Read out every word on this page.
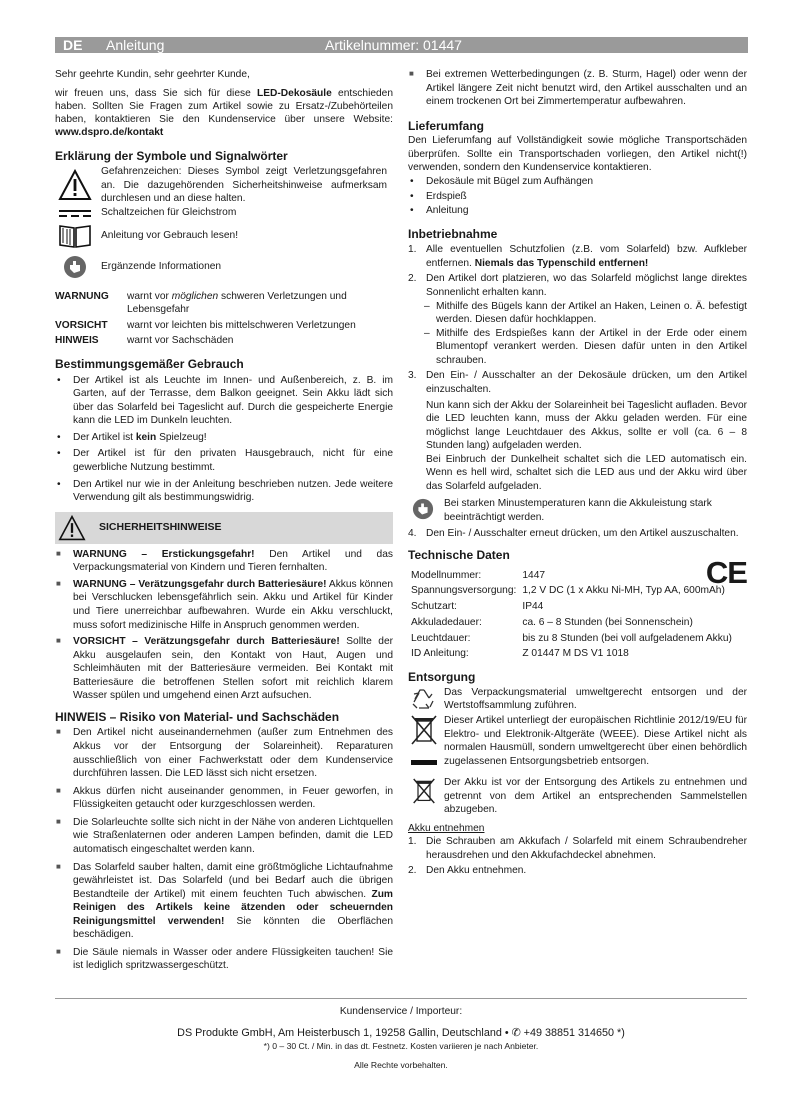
DE Anleitung	Artikelnummer: 01447

Sehr geehrte Kundin, sehr geehrter Kunde,

wir freuen uns, dass Sie sich für diese LED-Dekosäule entschieden haben. Sollten Sie Fragen zum Artikel sowie zu Ersatz-/Zubehörteilen haben, kontaktieren Sie den Kundenservice über unsere Website: www.dspro.de/kontakt

Erklärung der Symbole und Signalwörter

Gefahrenzeichen: Dieses Symbol zeigt Verletzungsgefahren an. Die dazugehörenden Sicherheitshinweise aufmerksam durchlesen und an diese halten.

Schaltzeichen für Gleichstrom

Anleitung vor Gebrauch lesen!

Ergänzende Informationen

WARNUNG	warnt vor möglichen schweren Verletzungen und Lebensgefahr
VORSICHT	warnt vor leichten bis mittelschweren Verletzungen
HINWEIS	warnt vor Sachschäden
Bestimmungsgemäßer Gebrauch
• Der Artikel ist als Leuchte im Innen- und Außenbereich, z. B. im Garten, auf der Terrasse, dem Balkon geeignet. Sein Akku lädt sich über das Solarfeld bei Tageslicht auf. Durch die gespeicherte Energie kann die LED im Dunkeln leuchten.
• Der Artikel ist kein Spielzeug!
• Der Artikel ist für den privaten Hausgebrauch, nicht für eine gewerbliche Nutzung bestimmt.
• Den Artikel nur wie in der Anleitung beschrieben nutzen. Jede weitere Verwendung gilt als bestimmungswidrig.
SICHERHEITSHINWEISE
■ WARNUNG – Erstickungsgefahr! Den Artikel und das Verpackungsmaterial von Kindern und Tieren fernhalten.
■ WARNUNG – Verätzungsgefahr durch Batteriesäure! Akkus können bei Verschlucken lebensgefährlich sein. Akku und Artikel für Kinder und Tiere unerreichbar aufbewahren. Wurde ein Akku verschluckt, muss sofort medizinische Hilfe in Anspruch genommen werden.
■ VORSICHT – Verätzungsgefahr durch Batteriesäure! Sollte der Akku ausgelaufen sein, den Kontakt von Haut, Augen und Schleimhäuten mit der Batteriesäure vermeiden. Bei Kontakt mit Batteriesäure die betroffenen Stellen sofort mit reichlich klarem Wasser spülen und umgehend einen Arzt aufsuchen.
HINWEIS – Risiko von Material- und Sachschäden
■ Den Artikel nicht auseinandernehmen (außer zum Entnehmen des Akkus vor der Entsorgung der Solareinheit). Reparaturen ausschließlich von einer Fachwerkstatt oder dem Kundenservice durchführen lassen. Die LED lässt sich nicht ersetzen.
■ Akkus dürfen nicht auseinander genommen, in Feuer geworfen, in Flüssigkeiten getaucht oder kurzgeschlossen werden.
■ Die Solarleuchte sollte sich nicht in der Nähe von anderen Lichtquellen wie Straßenlaternen oder anderen Lampen befinden, damit die LED automatisch eingeschaltet werden kann.
■ Das Solarfeld sauber halten, damit eine größtmögliche Lichtaufnahme gewährleistet ist. Das Solarfeld (und bei Bedarf auch die übrigen Bestandteile der Artikel) mit einem feuchten Tuch abwischen. Zum Reinigen des Artikels keine ätzenden oder scheuernden Reinigungsmittel verwenden! Sie könnten die Oberflächen beschädigen.
■ Die Säule niemals in Wasser oder andere Flüssigkeiten tauchen! Sie ist lediglich spritzwassergeschützt.
■ Bei extremen Wetterbedingungen (z. B. Sturm, Hagel) oder wenn der Artikel längere Zeit nicht benutzt wird, den Artikel ausschalten und an einem trockenen Ort bei Zimmertemperatur aufbewahren.
Lieferumfang

Den Lieferumfang auf Vollständigkeit sowie mögliche Transportschäden überprüfen. Sollte ein Transportschaden vorliegen, den Artikel nicht(!) verwenden, sondern den Kundenservice kontaktieren.

• Dekosäule mit Bügel zum Aufhängen
• Erdspieß
• Anleitung
Inbetriebnahme
1. Alle eventuellen Schutzfolien (z.B. vom Solarfeld) bzw. Aufkleber entfernen. Niemals das Typenschild entfernen!
2. Den Artikel dort platzieren, wo das Solarfeld möglichst lange direktes Sonnenlicht erhalten kann.
– Mithilfe des Bügels kann der Artikel an Haken, Leinen o. Ä. befestigt werden. Diesen dafür hochklappen.
– Mithilfe des Erdspießes kann der Artikel in der Erde oder einem Blumentopf verankert werden. Diesen dafür unten in den Artikel schrauben.
3. Den Ein- / Ausschalter an der Dekosäule drücken, um den Artikel einzuschalten.

Nun kann sich der Akku der Solareinheit bei Tageslicht aufladen. Bevor die LED leuchten kann, muss der Akku geladen werden. Für eine möglichst lange Leuchtdauer des Akkus, sollte er voll (ca. 6 – 8 Stunden lang) aufgeladen werden.

Bei Einbruch der Dunkelheit schaltet sich die LED automatisch ein. Wenn es hell wird, schaltet sich die LED aus und der Akku wird über das Solarfeld aufgeladen.

Bei starken Minustemperaturen kann die Akkuleistung stark beeinträchtigt werden.

4. Den Ein- / Ausschalter erneut drücken, um den Artikel auszuschalten.
Technische Daten	CE
Modellnummer:	1447
Spannungsversorgung:	1,2 V DC (1 x Akku Ni-MH, Typ AA, 600mAh)
Schutzart:	IP44
Akkuladedauer:	ca. 6 – 8 Stunden (bei Sonnenschein)
Leuchtdauer:	bis zu 8 Stunden (bei voll aufgeladenem Akku)
ID Anleitung:	Z 01447 M DS V1 1018
Entsorgung

Das Verpackungsmaterial umweltgerecht entsorgen und der Wertstoffsammlung zuführen.

Dieser Artikel unterliegt der europäischen Richtlinie 2012/19/EU für Elektro- und Elektronik-Altgeräte (WEEE). Diese Artikel nicht als normalen Hausmüll, sondern umweltgerecht über einen behördlich zugelassenen Entsorgungsbetrieb entsorgen.

Der Akku ist vor der Entsorgung des Artikels zu entnehmen und getrennt von dem Artikel an entsprechenden Sammelstellen abzugeben.

Akku entnehmen

1. Die Schrauben am Akkufach / Solarfeld mit einem Schraubendreher herausdrehen und den Akkufachdeckel abnehmen.
2. Den Akku entnehmen.

Kundenservice / Importeur:

DS Produkte GmbH, Am Heisterbusch 1, 19258 Gallin, Deutschland • ✆ +49 38851 314650 *)

*) 0 – 30 Ct. / Min. in das dt. Festnetz. Kosten variieren je nach Anbieter.

Alle Rechte vorbehalten.
